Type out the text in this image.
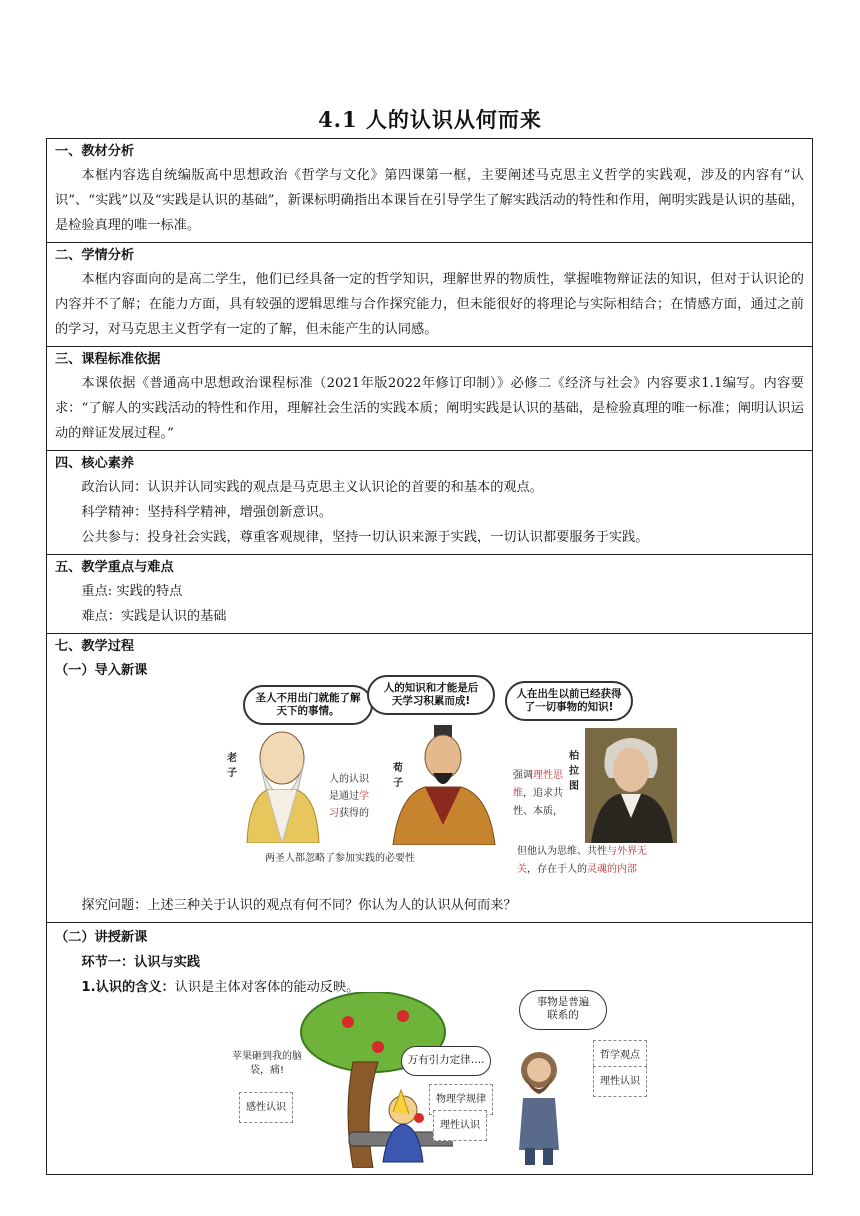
4.1 人的认识从何而来
一、教材分析
本框内容选自统编版高中思想政治《哲学与文化》第四课第一框，主要阐述马克思主义哲学的实践观，涉及的内容有“认识”、“实践”以及“实践是认识的基础”，新课标明确指出本课旨在引导学生了解实践活动的特性和作用，阐明实践是认识的基础，是检验真理的唯一标准。
二、学情分析
本框内容面向的是高二学生，他们已经具备一定的哲学知识，理解世界的物质性，掌握唯物辩证法的知识，但对于认识论的内容并不了解；在能力方面，具有较强的逻辑思维与合作探究能力，但未能很好的将理论与实际相结合；在情感方面，通过之前的学习，对马克思主义哲学有一定的了解，但未能产生的认同感。
三、课程标准依据
本课依据《普通高中思想政治课程标准（2021年版2022年修订印制）》必修二《经济与社会》内容要求1.1编写。内容要求：“了解人的实践活动的特性和作用，理解社会生活的实践本质；阐明实践是认识的基础，是检验真理的唯一标准；阐明认识运动的辩证发展过程。”
四、核心素养
政治认同：认识并认同实践的观点是马克思主义认识论的首要的和基本的观点。
科学精神：坚持科学精神，增强创新意识。
公共参与：投身社会实践，尊重客观规律，坚持一切认识来源于实践，一切认识都要服务于实践。
五、教学重点与难点
重点: 实践的特点
难点：实践是认识的基础
七、教学过程
（一）导入新课
圣人不用出门就能了解天下的事情。
老子
人的知识和才能是后天学习积累而成!
荀子
人的认识
是通过学习获得的
两圣人都忽略了参加实践的必要性
人在出生以前已经获得了一切事物的知识!
柏拉图
强调理性思维，追求共性、本质，
但他认为思维、共性与外界无关，存在于人的灵魂的内部
探究问题：上述三种关于认识的观点有何不同？你认为人的认识从何而来？
（二）讲授新课
环节一：认识与实践
1.认识的含义：认识是主体对客体的能动反映。
苹果砸到我的脑袋，痛!
感性认识
万有引力定律….
物理学规律
理性认识
事物是普遍联系的
哲学观点
理性认识
